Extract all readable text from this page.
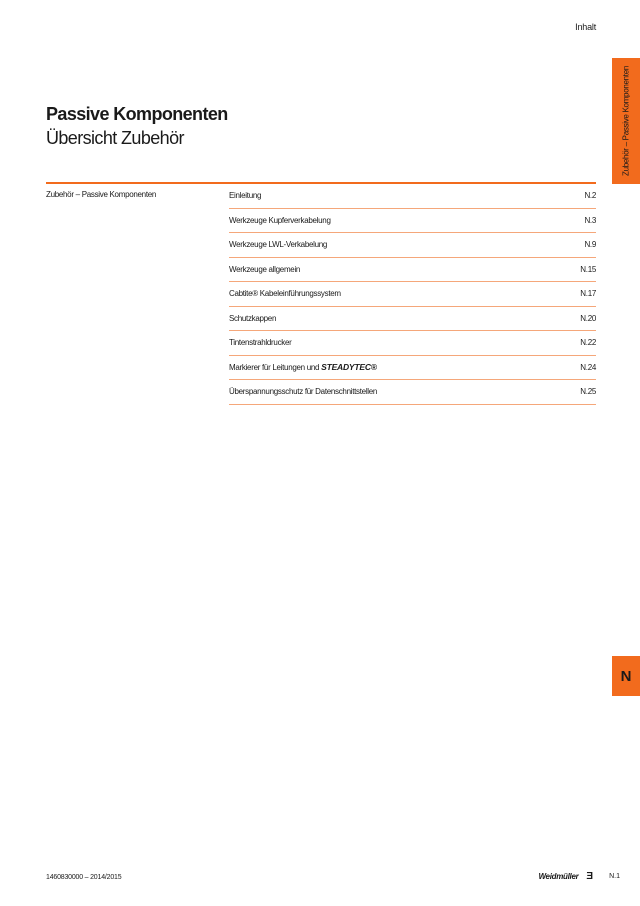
Inhalt
Zubehör – Passive Komponenten
N
Passive Komponenten
Übersicht Zubehör
Zubehör – Passive Komponenten	Einleitung	N.2
Werkzeuge Kupferverkabelung	N.3
Werkzeuge LWL-Verkabelung	N.9
Werkzeuge allgemein	N.15
Cabtite® Kabeleinführungssystem	N.17
Schutzkappen	N.20
Tintenstrahldrucker	N.22
Markierer für Leitungen und STEADYTEC®	N.24
Überspannungsschutz für Datenschnittstellen	N.25
1460830000 – 2014/2015	Weidmüller Ǝ N.1
